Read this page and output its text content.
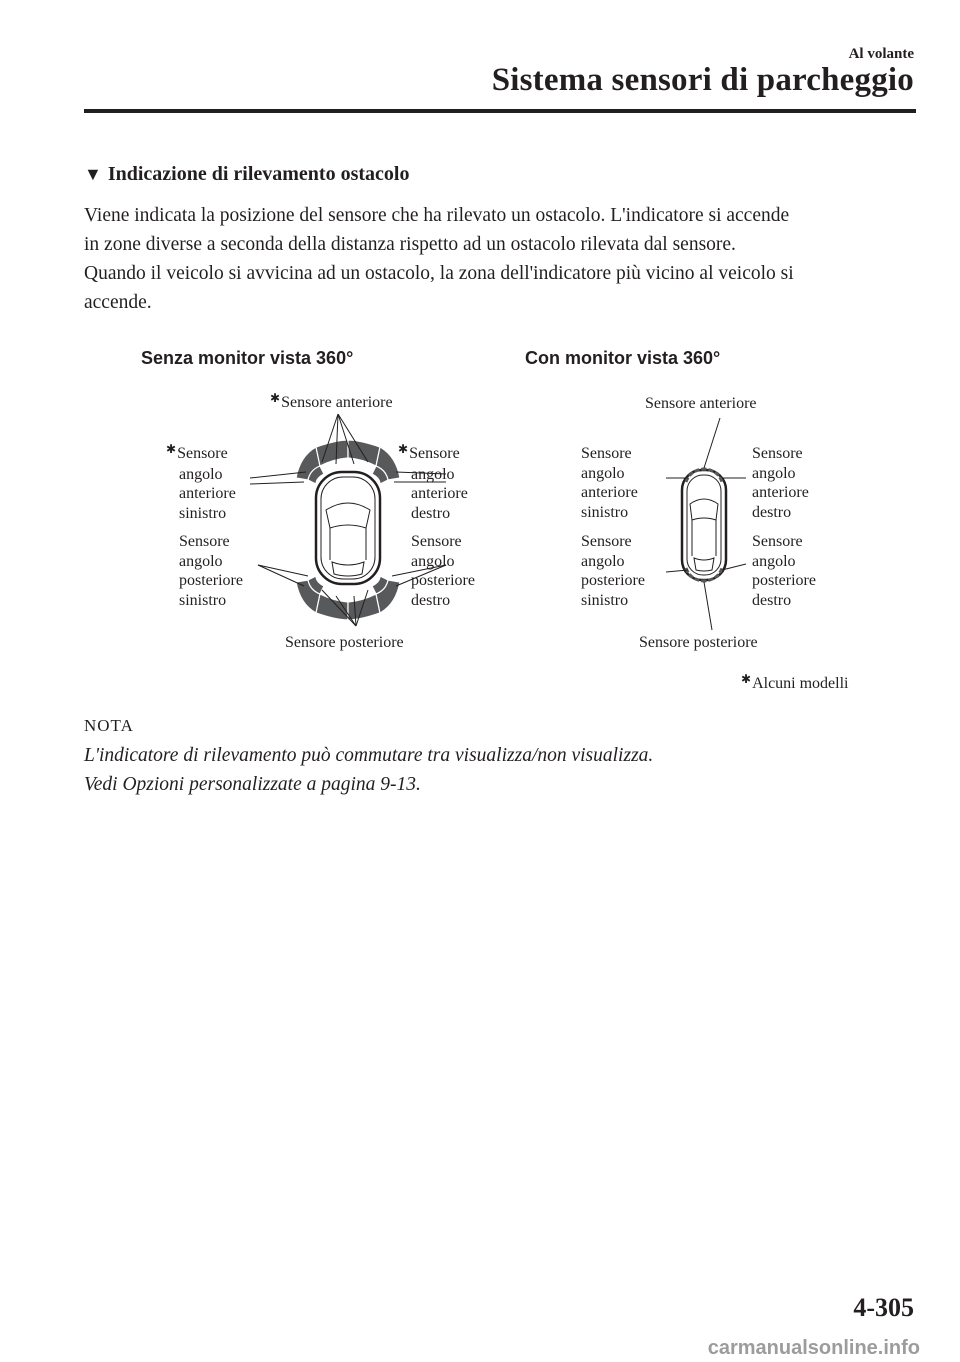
Al volante
Sistema sensori di parcheggio
▼ Indicazione di rilevamento ostacolo

Viene indicata la posizione del sensore che ha rilevato un ostacolo. L'indicatore si accende

in zone diverse a seconda della distanza rispetto ad un ostacolo rilevata dal sensore.

Quando il veicolo si avvicina ad un ostacolo, la zona dell'indicatore più vicino al veicolo si

accende.

Senza monitor vista 360°
✱Sensore anteriore
✱Sensore
angolo
anteriore
sinistro
✱Sensore
angolo
anteriore
destro
Sensore
angolo
posteriore
sinistro
Sensore
angolo
posteriore
destro
Sensore posteriore
Con monitor vista 360°
Sensore anteriore
Sensore
angolo
anteriore
sinistro
Sensore
angolo
anteriore
destro
Sensore
angolo
posteriore
sinistro
Sensore
angolo
posteriore
destro
Sensore posteriore
✱Alcuni modelli
NOTA

L'indicatore di rilevamento può commutare tra visualizza/non visualizza.

Vedi Opzioni personalizzate a pagina 9-13.

4-305
carmanualsonline.info
